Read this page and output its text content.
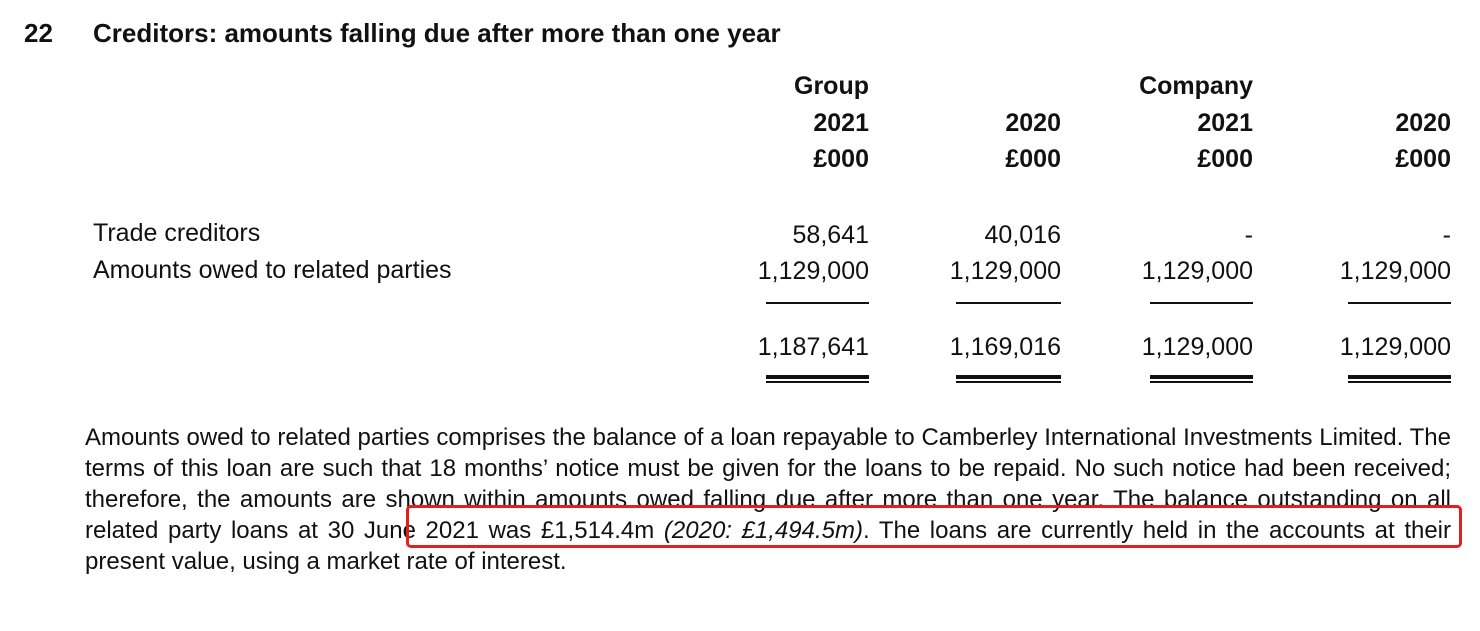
22 Creditors: amounts falling due after more than one year
Group	Company
2021	2020	2021	2020
£000	£000	£000	£000
Trade creditors	58,641	40,016	-	-
Amounts owed to related parties	1,129,000	1,129,000	1,129,000	1,129,000
1,187,641	1,169,016	1,129,000	1,129,000
Amounts owed to related parties comprises the balance of a loan repayable to Camberley International Investments Limited. The terms of this loan are such that 18 months’ notice must be given for the loans to be repaid. No such notice had been received; therefore, the amounts are shown within amounts owed falling due after more than one year. The balance outstanding on all related party loans at 30 June 2021 was £1,514.4m (2020: £1,494.5m). The loans are currently held in the accounts at their present value, using a market rate of interest.
